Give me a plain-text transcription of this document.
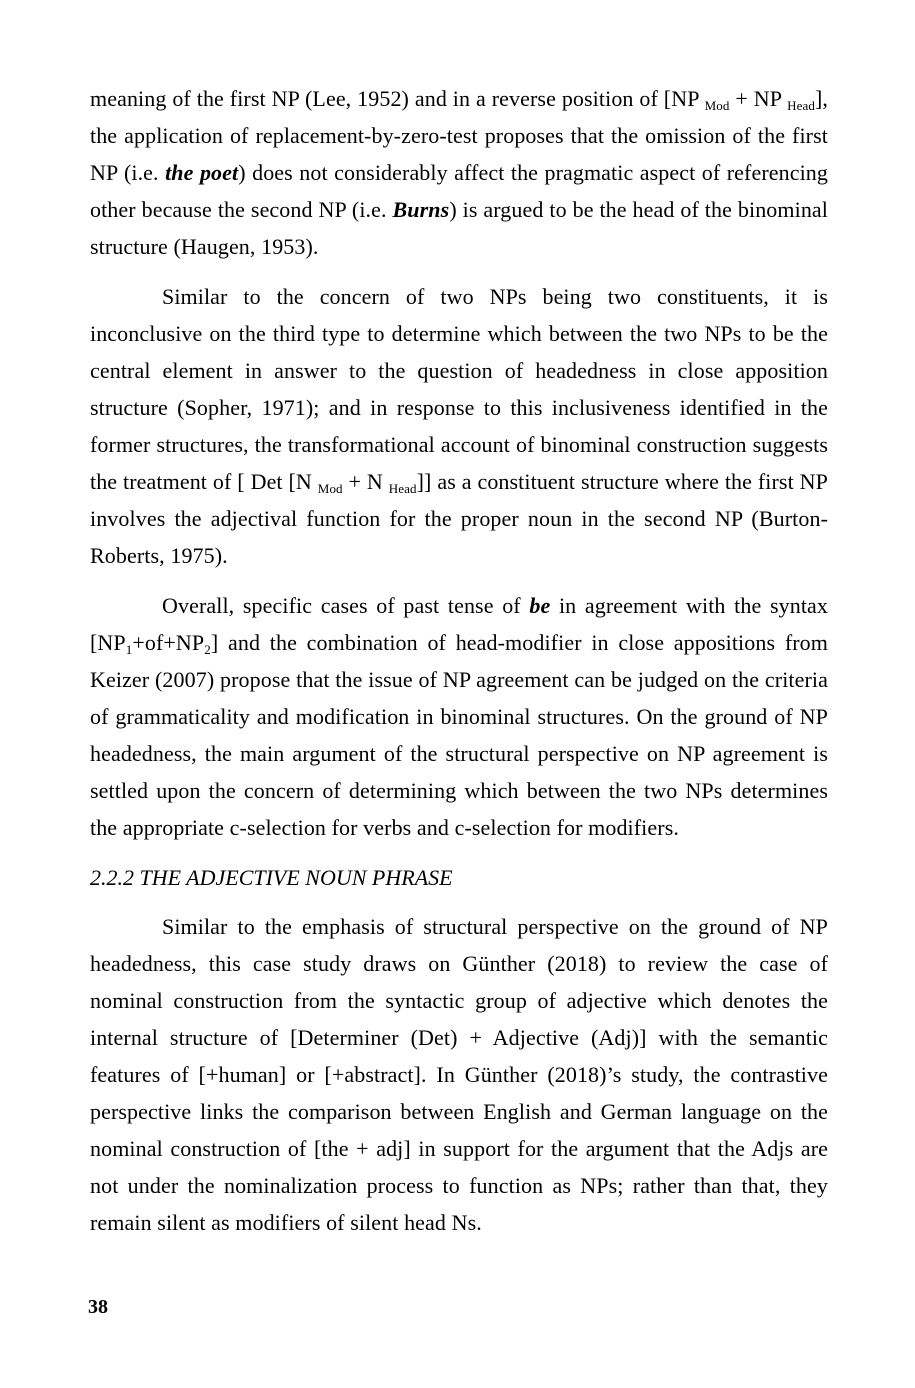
meaning of the first NP (Lee, 1952) and in a reverse position of [NP $_{Mod}$ + NP $_{Head}$], the application of replacement-by-zero-test proposes that the omission of the first NP (i.e. the poet) does not considerably affect the pragmatic aspect of referencing other because the second NP (i.e. Burns) is argued to be the head of the binominal structure (Haugen, 1953).

Similar to the concern of two NPs being two constituents, it is inconclusive on the third type to determine which between the two NPs to be the central element in answer to the question of headedness in close apposition structure (Sopher, 1971); and in response to this inclusiveness identified in the former structures, the transformational account of binominal construction suggests the treatment of [ Det [N $_{Mod}$ + N $_{Head}$]] as a constituent structure where the first NP involves the adjectival function for the proper noun in the second NP (Burton-Roberts, 1975).

Overall, specific cases of past tense of be in agreement with the syntax $[NP_1+of+NP_2]$ and the combination of head-modifier in close appositions from Keizer (2007) propose that the issue of NP agreement can be judged on the criteria of grammaticality and modification in binominal structures. On the ground of NP headedness, the main argument of the structural perspective on NP agreement is settled upon the concern of determining which between the two NPs determines the appropriate c-selection for verbs and c-selection for modifiers.

2.2.2 THE ADJECTIVE NOUN PHRASE

Similar to the emphasis of structural perspective on the ground of NP headedness, this case study draws on Günther (2018) to review the case of nominal construction from the syntactic group of adjective which denotes the internal structure of [Determiner (Det) + Adjective (Adj)] with the semantic features of [+human] or [+abstract]. In Günther (2018)’s study, the contrastive perspective links the comparison between English and German language on the nominal construction of [the + adj] in support for the argument that the Adjs are not under the nominalization process to function as NPs; rather than that, they remain silent as modifiers of silent head Ns.

38
